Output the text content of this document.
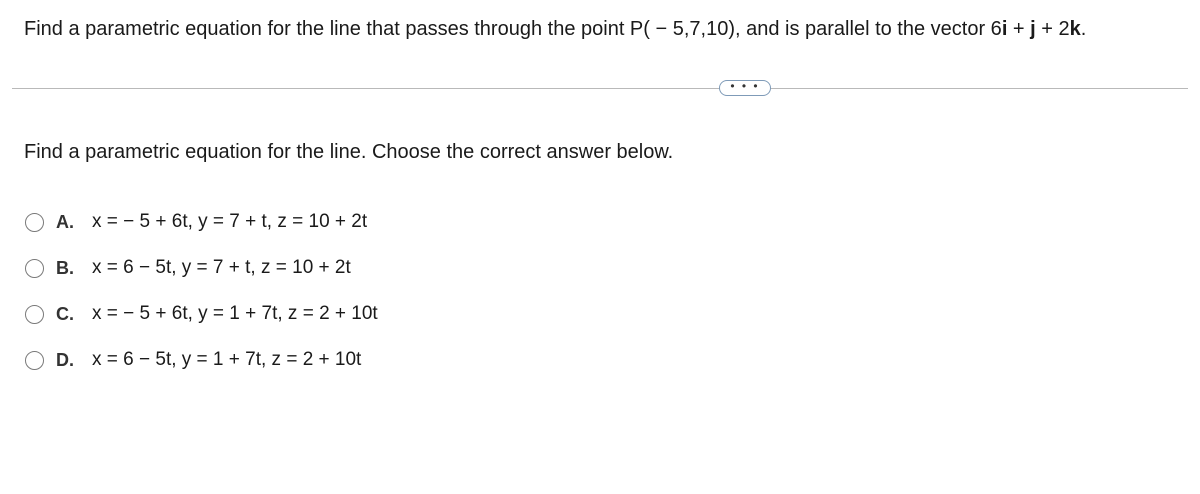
Find a parametric equation for the line that passes through the point P( − 5,7,10), and is parallel to the vector 6i + j + 2k.
• • •
Find a parametric equation for the line. Choose the correct answer below.
A. x = − 5 + 6t, y = 7 + t, z = 10 + 2t
B. x = 6 − 5t, y = 7 + t, z = 10 + 2t
C. x = − 5 + 6t, y = 1 + 7t, z = 2 + 10t
D. x = 6 − 5t, y = 1 + 7t, z = 2 + 10t
